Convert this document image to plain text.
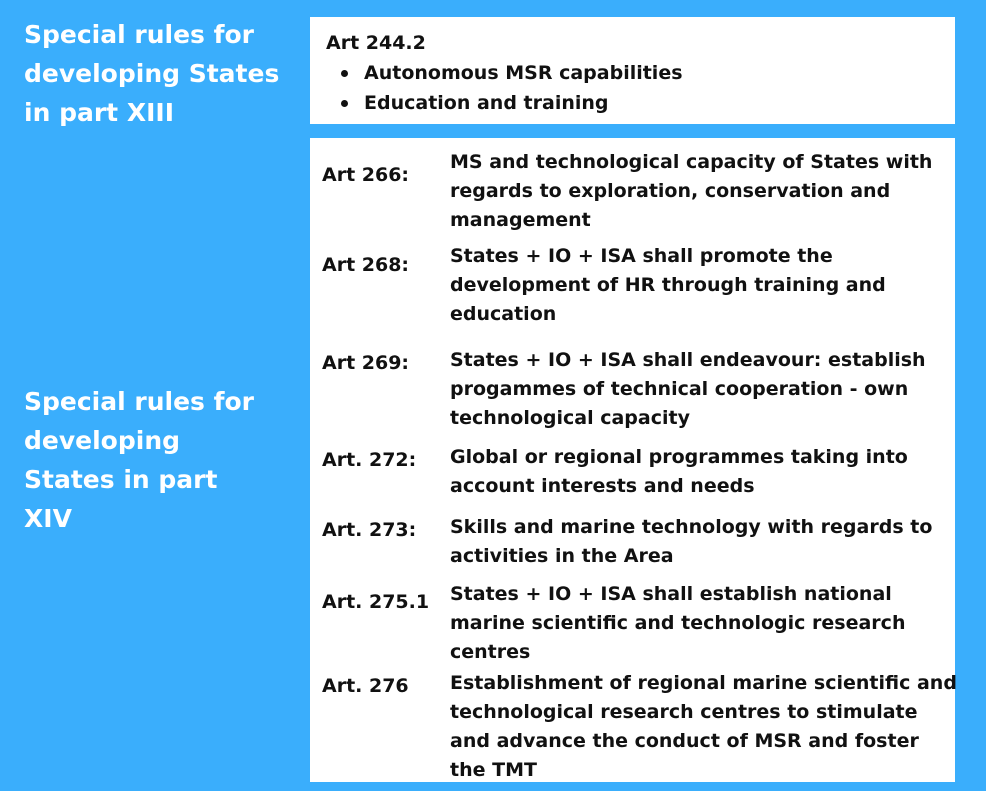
Special rules for developing States in part XIII
Special rules for developing States in part XIV
Art 244.2
Autonomous MSR capabilities
Education and training
Art 266:
MS and technological capacity of States with regards to exploration, conservation and management
Art 268: States + IO + ISA shall promote the development of HR through training and education
Art 269: States + IO + ISA shall endeavour: establish progammes of technical cooperation - own technological capacity
Art. 272: Global or regional programmes taking into account interests and needs
Art. 273: Skills and marine technology with regards to activities in the Area
Art. 275.1 States + IO + ISA shall establish national marine scientific and technologic research centres
Art. 276 Establishment of regional marine scientific and technological research centres to stimulate and advance the conduct of MSR and foster the TMT
